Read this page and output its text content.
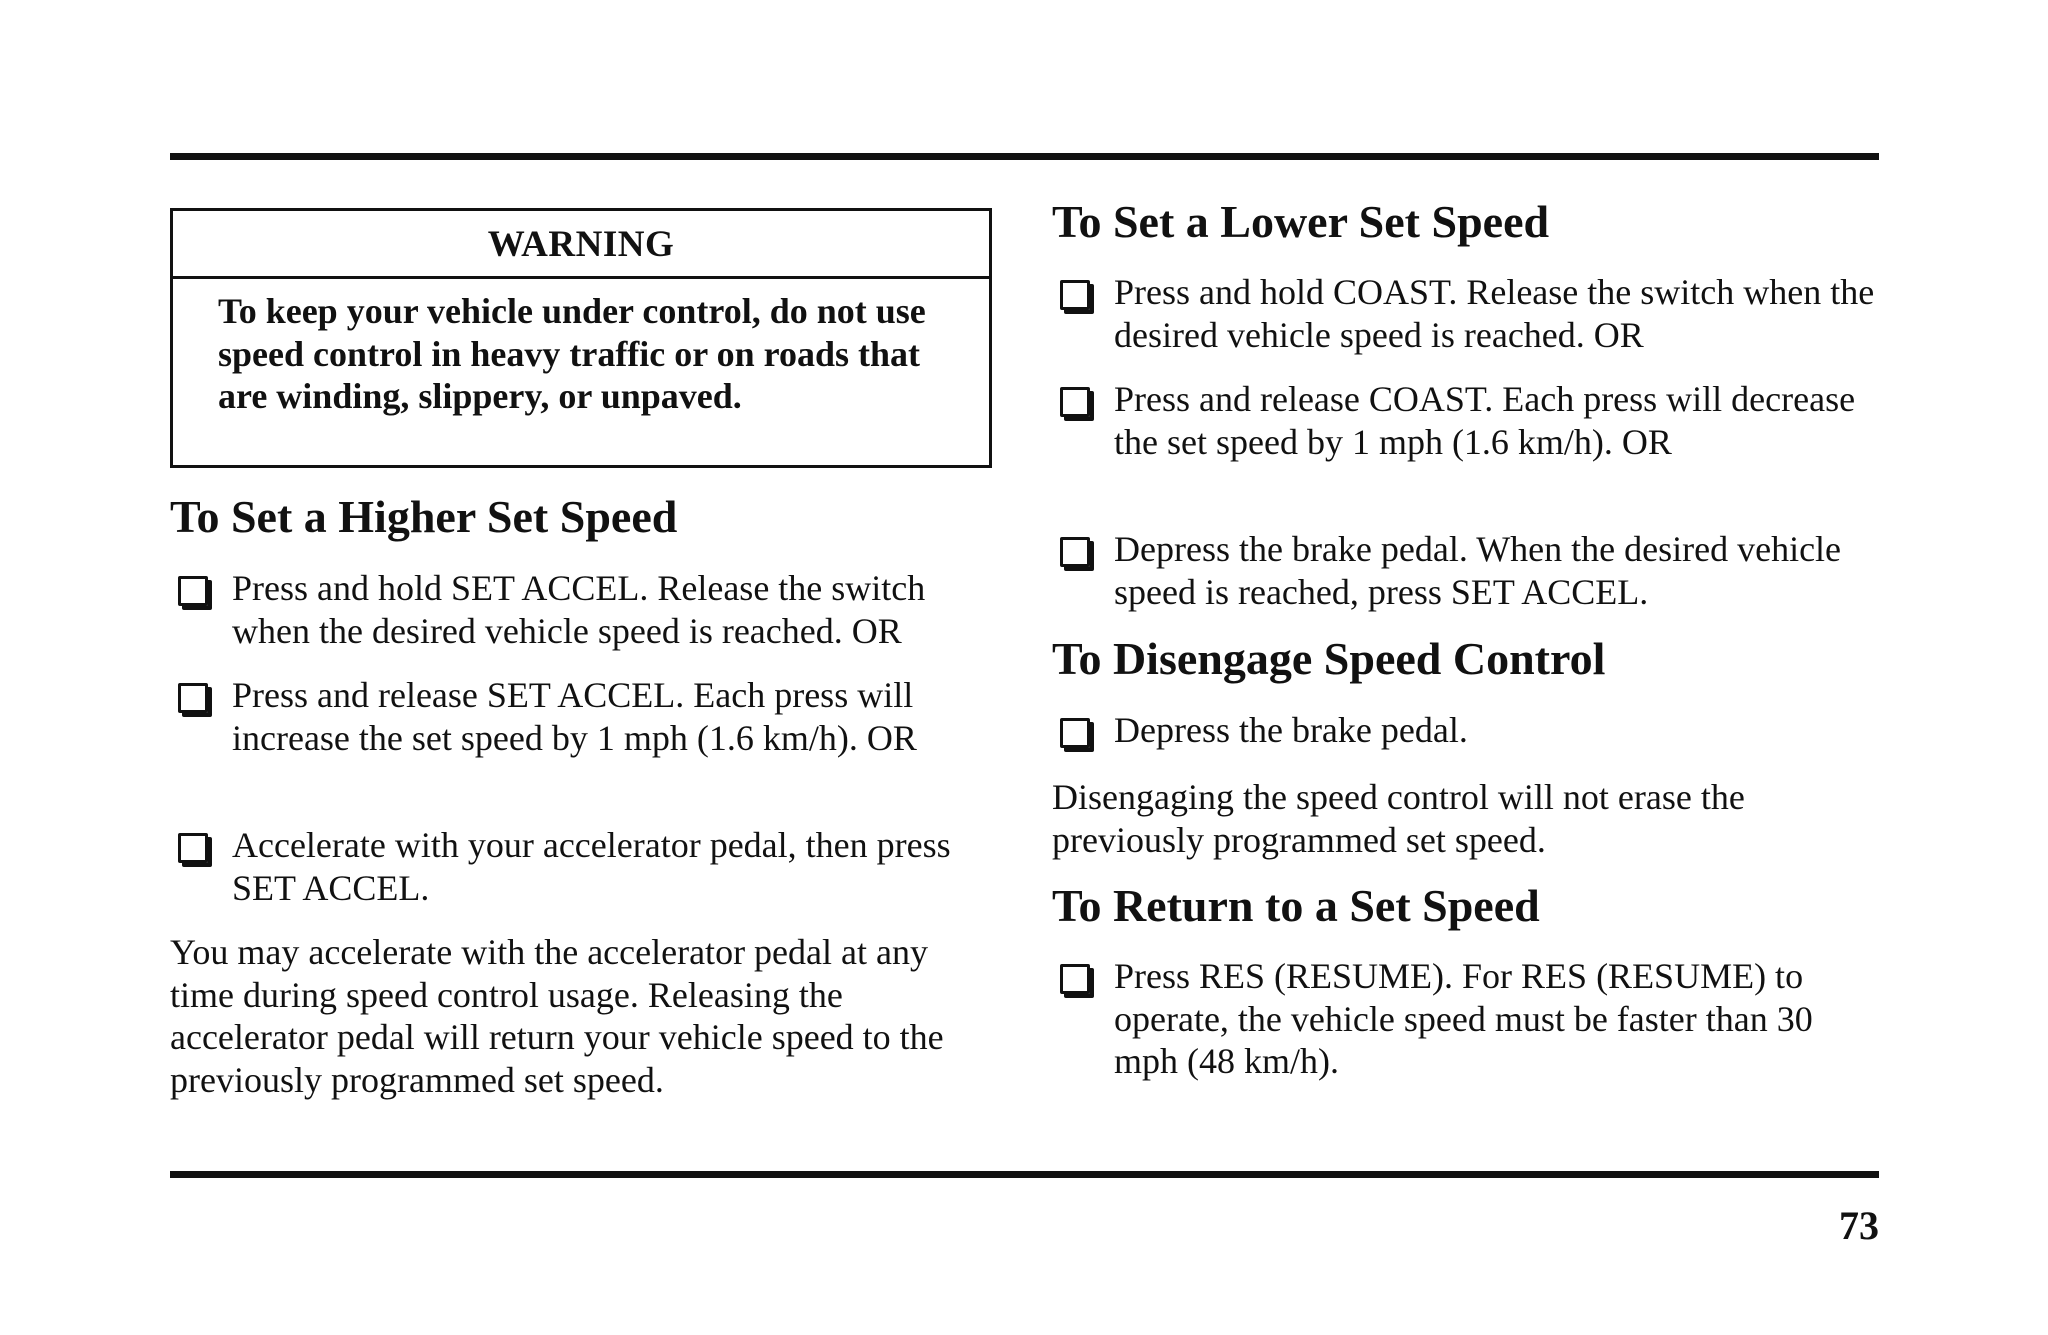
WARNING
To keep your vehicle under control, do not use speed control in heavy traffic or on roads that are winding, slippery, or unpaved.
To Set a Higher Set Speed
Press and hold SET ACCEL. Release the switch when the desired vehicle speed is reached. OR
Press and release SET ACCEL. Each press will increase the set speed by 1 mph (1.6 km/h). OR
Accelerate with your accelerator pedal, then press SET ACCEL.
You may accelerate with the accelerator pedal at any time during speed control usage. Releasing the accelerator pedal will return your vehicle speed to the previously programmed set speed.
To Set a Lower Set Speed
Press and hold COAST. Release the switch when the desired vehicle speed is reached. OR
Press and release COAST. Each press will decrease the set speed by 1 mph (1.6 km/h). OR
Depress the brake pedal. When the desired vehicle speed is reached, press SET ACCEL.
To Disengage Speed Control
Depress the brake pedal.
Disengaging the speed control will not erase the previously programmed set speed.
To Return to a Set Speed
Press RES (RESUME). For RES (RESUME) to operate, the vehicle speed must be faster than 30 mph (48 km/h).
73
